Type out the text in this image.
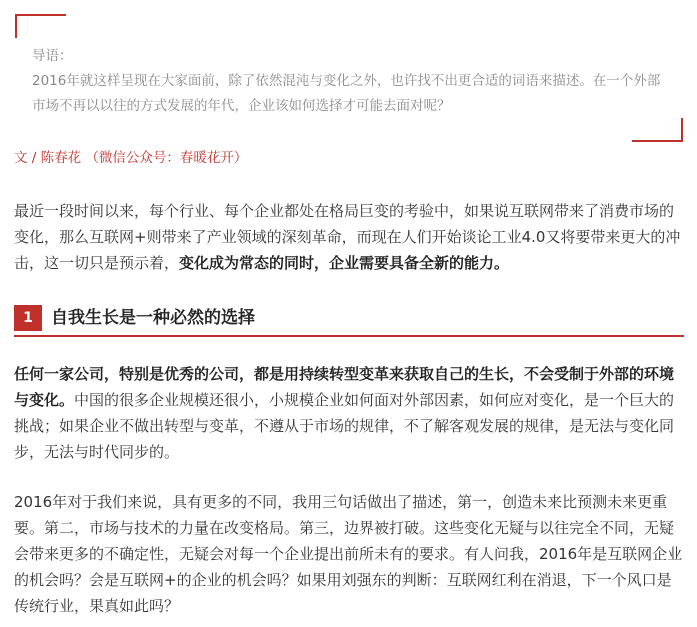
导语：
2016年就这样呈现在大家面前，除了依然混沌与变化之外，也许找不出更合适的词语来描述。在一个外部市场不再以以往的方式发展的年代，企业该如何选择才可能去面对呢？
文 / 陈春花 （微信公众号：春暖花开）

最近一段时间以来，每个行业、每个企业都处在格局巨变的考验中，如果说互联网带来了消费市场的变化，那么互联网+则带来了产业领域的深刻革命，而现在人们开始谈论工业4.0又将要带来更大的冲击，这一切只是预示着，变化成为常态的同时，企业需要具备全新的能力。

1	自我生长是一种必然的选择

任何一家公司，特别是优秀的公司，都是用持续转型变革来获取自己的生长，不会受制于外部的环境与变化。中国的很多企业规模还很小，小规模企业如何面对外部因素，如何应对变化，是一个巨大的挑战；如果企业不做出转型与变革，不遵从于市场的规律，不了解客观发展的规律，是无法与变化同步，无法与时代同步的。

2016年对于我们来说，具有更多的不同，我用三句话做出了描述，第一，创造未来比预测未来更重要。第二，市场与技术的力量在改变格局。第三，边界被打破。这些变化无疑与以往完全不同，无疑会带来更多的不确定性，无疑会对每一个企业提出前所未有的要求。有人问我，2016年是互联网企业的机会吗？会是互联网+的企业的机会吗？如果用刘强东的判断：互联网红利在消退，下一个风口是传统行业，果真如此吗？
